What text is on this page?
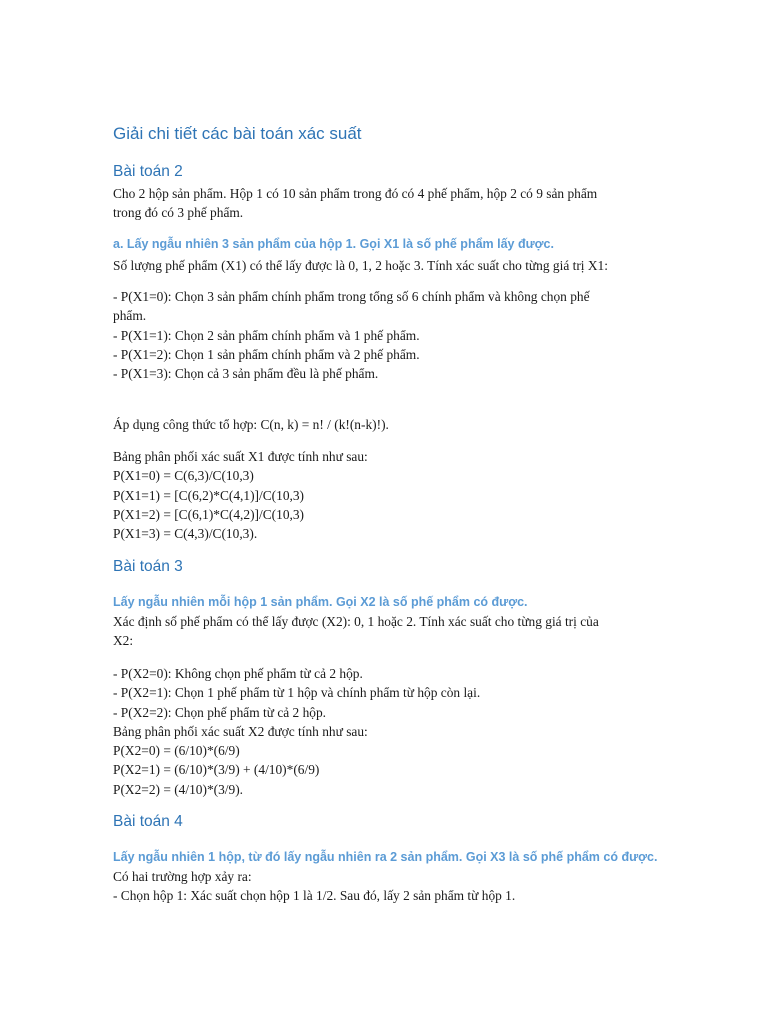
Giải chi tiết các bài toán xác suất
Bài toán 2
Cho 2 hộp sản phẩm. Hộp 1 có 10 sản phẩm trong đó có 4 phế phẩm, hộp 2 có 9 sản phẩm
trong đó có 3 phế phẩm.
a. Lấy ngẫu nhiên 3 sản phẩm của hộp 1. Gọi X1 là số phế phẩm lấy được.
Số lượng phế phẩm (X1) có thể lấy được là 0, 1, 2 hoặc 3. Tính xác suất cho từng giá trị X1:
- P(X1=0): Chọn 3 sản phẩm chính phẩm trong tổng số 6 chính phẩm và không chọn phế
phẩm.
- P(X1=1): Chọn 2 sản phẩm chính phẩm và 1 phế phẩm.
- P(X1=2): Chọn 1 sản phẩm chính phẩm và 2 phế phẩm.
- P(X1=3): Chọn cả 3 sản phẩm đều là phế phẩm.
Áp dụng công thức tổ hợp: C(n, k) = n! / (k!(n-k)!).
Bảng phân phối xác suất X1 được tính như sau:
P(X1=0) = C(6,3)/C(10,3)
P(X1=1) = [C(6,2)*C(4,1)]/C(10,3)
P(X1=2) = [C(6,1)*C(4,2)]/C(10,3)
P(X1=3) = C(4,3)/C(10,3).
Bài toán 3
Lấy ngẫu nhiên mỗi hộp 1 sản phẩm. Gọi X2 là số phế phẩm có được.
Xác định số phế phẩm có thể lấy được (X2): 0, 1 hoặc 2. Tính xác suất cho từng giá trị của
X2:
- P(X2=0): Không chọn phế phẩm từ cả 2 hộp.
- P(X2=1): Chọn 1 phế phẩm từ 1 hộp và chính phẩm từ hộp còn lại.
- P(X2=2): Chọn phế phẩm từ cả 2 hộp.
Bảng phân phối xác suất X2 được tính như sau:
P(X2=0) = (6/10)*(6/9)
P(X2=1) = (6/10)*(3/9) + (4/10)*(6/9)
P(X2=2) = (4/10)*(3/9).
Bài toán 4
Lấy ngẫu nhiên 1 hộp, từ đó lấy ngẫu nhiên ra 2 sản phẩm. Gọi X3 là số phế phẩm có được.
Có hai trường hợp xảy ra:
- Chọn hộp 1: Xác suất chọn hộp 1 là 1/2. Sau đó, lấy 2 sản phẩm từ hộp 1.
